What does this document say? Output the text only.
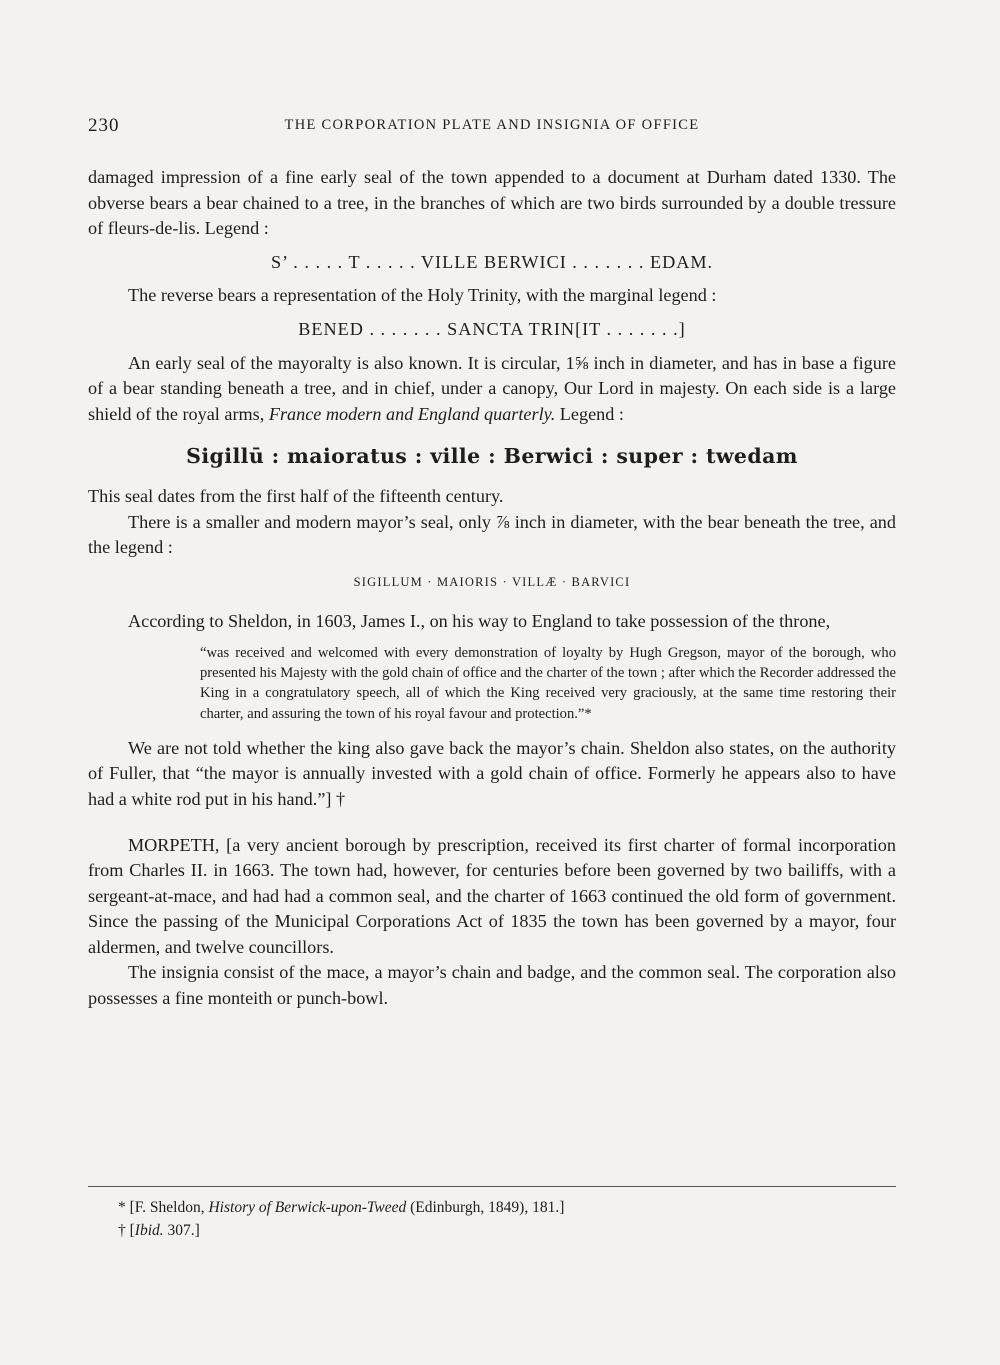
230	THE CORPORATION PLATE AND INSIGNIA OF OFFICE

damaged impression of a fine early seal of the town appended to a document at Durham dated 1330. The obverse bears a bear chained to a tree, in the branches of which are two birds surrounded by a double tressure of fleurs-de-lis. Legend :

S’ . . . . . T . . . . . VILLE BERWICI . . . . . . . EDAM.

The reverse bears a representation of the Holy Trinity, with the marginal legend :

BENED . . . . . . . SANCTA TRIN[IT . . . . . . .]

An early seal of the mayoralty is also known. It is circular, 1⅝ inch in diameter, and has in base a figure of a bear standing beneath a tree, and in chief, under a canopy, Our Lord in majesty. On each side is a large shield of the royal arms, France modern and England quarterly. Legend :

Sigillū : maioratus : ville : Berwici : super : twedam

This seal dates from the first half of the fifteenth century.

There is a smaller and modern mayor’s seal, only ⅞ inch in diameter, with the bear beneath the tree, and the legend :

SIGILLUM · MAIORIS · VILLÆ · BARVICI

According to Sheldon, in 1603, James I., on his way to England to take possession of the throne,

“was received and welcomed with every demonstration of loyalty by Hugh Gregson, mayor of the borough, who presented his Majesty with the gold chain of office and the charter of the town ; after which the Recorder addressed the King in a congratulatory speech, all of which the King received very graciously, at the same time restoring their charter, and assuring the town of his royal favour and protection.”*

We are not told whether the king also gave back the mayor’s chain. Sheldon also states, on the authority of Fuller, that “the mayor is annually invested with a gold chain of office. Formerly he appears also to have had a white rod put in his hand.”] †

MORPETH, [a very ancient borough by prescription, received its first charter of formal incorporation from Charles II. in 1663. The town had, however, for centuries before been governed by two bailiffs, with a sergeant-at-mace, and had had a common seal, and the charter of 1663 continued the old form of government. Since the passing of the Municipal Corporations Act of 1835 the town has been governed by a mayor, four aldermen, and twelve councillors.

The insignia consist of the mace, a mayor’s chain and badge, and the common seal. The corporation also possesses a fine monteith or punch-bowl.

* [F. Sheldon, History of Berwick-upon-Tweed (Edinburgh, 1849), 181.]
† [Ibid. 307.]
